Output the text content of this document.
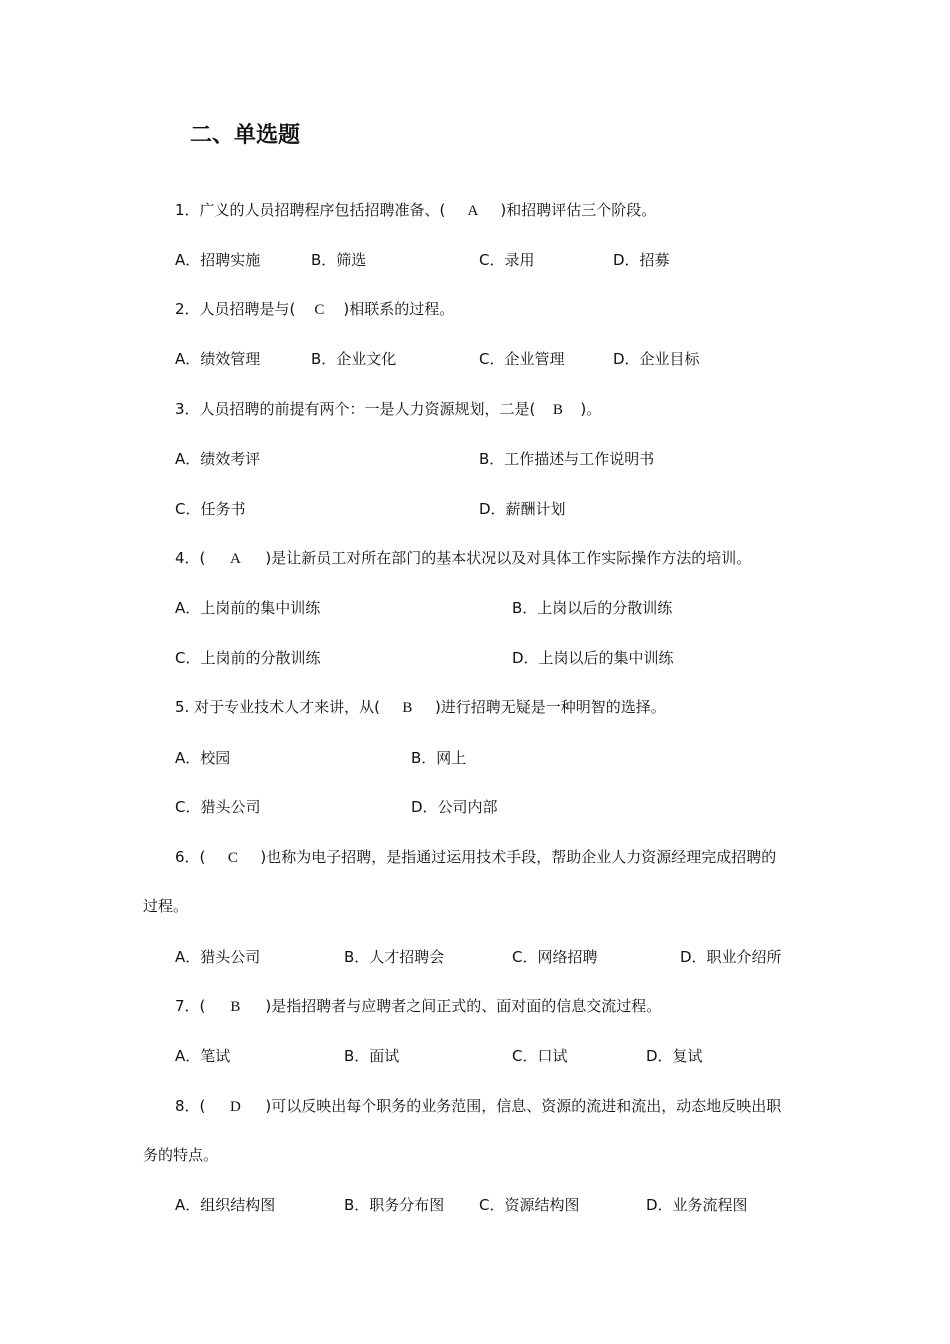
二、单选题
1．广义的人员招聘程序包括招聘准备、( A )和招聘评估三个阶段。
A．招聘实施	B．筛选	C．录用	D．招募
2．人员招聘是与( C )相联系的过程。
A．绩效管理	B．企业文化	C．企业管理	D．企业目标
3．人员招聘的前提有两个：一是人力资源规划，二是( B )。
A．绩效考评	B．工作描述与工作说明书
C．任务书	D．薪酬计划
4．( A )是让新员工对所在部门的基本状况以及对具体工作实际操作方法的培训。
A．上岗前的集中训练	B．上岗以后的分散训练
C．上岗前的分散训练	D．上岗以后的集中训练
5. 对于专业技术人才来讲，从( B )进行招聘无疑是一种明智的选择。
A．校园	B．网上
C．猎头公司	D．公司内部
6．( C )也称为电子招聘，是指通过运用技术手段，帮助企业人力资源经理完成招聘的
过程。
A．猎头公司	B．人才招聘会	C．网络招聘	D．职业介绍所
7．( B )是指招聘者与应聘者之间正式的、面对面的信息交流过程。
A．笔试	B．面试	C．口试	D．复试
8．( D )可以反映出每个职务的业务范围，信息、资源的流进和流出，动态地反映出职
务的特点。
A．组织结构图	B．职务分布图 C．资源结构图	D．业务流程图
